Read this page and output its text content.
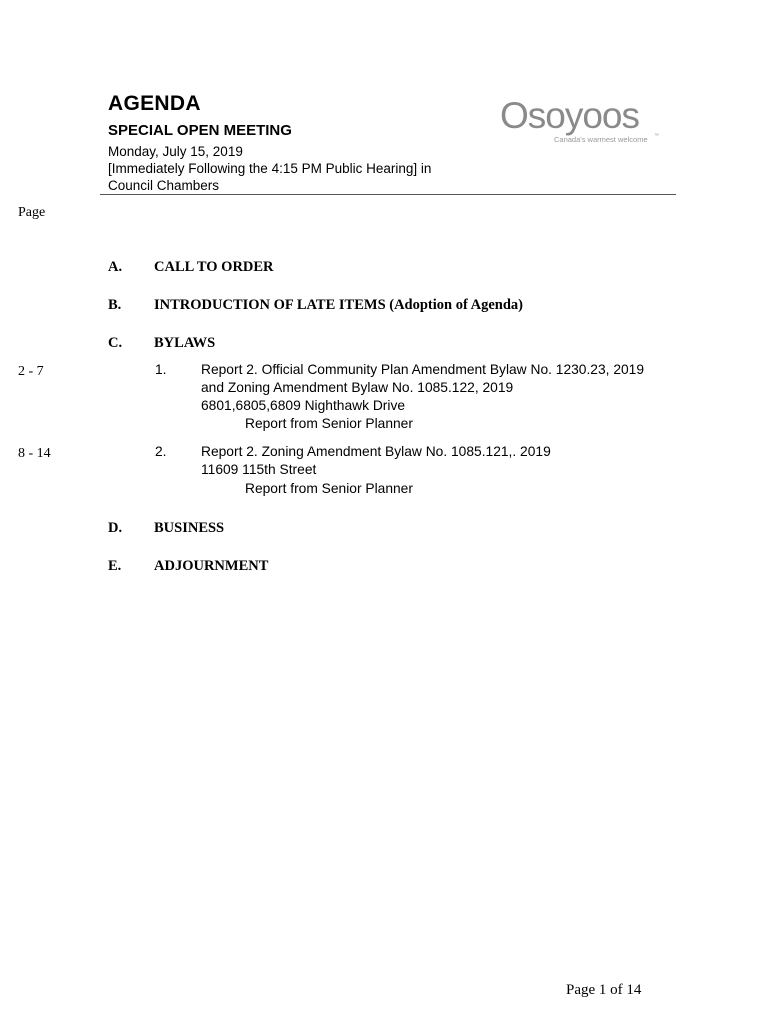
AGENDA
SPECIAL OPEN MEETING
Monday, July 15, 2019
[Immediately Following the 4:15 PM Public Hearing] in
Council Chambers
Osoyoos
Canada's warmest welcome ™
Page
A. CALL TO ORDER
B. INTRODUCTION OF LATE ITEMS (Adoption of Agenda)
C. BYLAWS
2 - 7	1. Report 2. Official Community Plan Amendment Bylaw No. 1230.23, 2019
and Zoning Amendment Bylaw No. 1085.122, 2019
6801,6805,6809 Nighthawk Drive
Report from Senior Planner
8 - 14	2. Report 2. Zoning Amendment Bylaw No. 1085.121,. 2019
11609 115th Street
Report from Senior Planner
D. BUSINESS
E. ADJOURNMENT
Page 1 of 14
